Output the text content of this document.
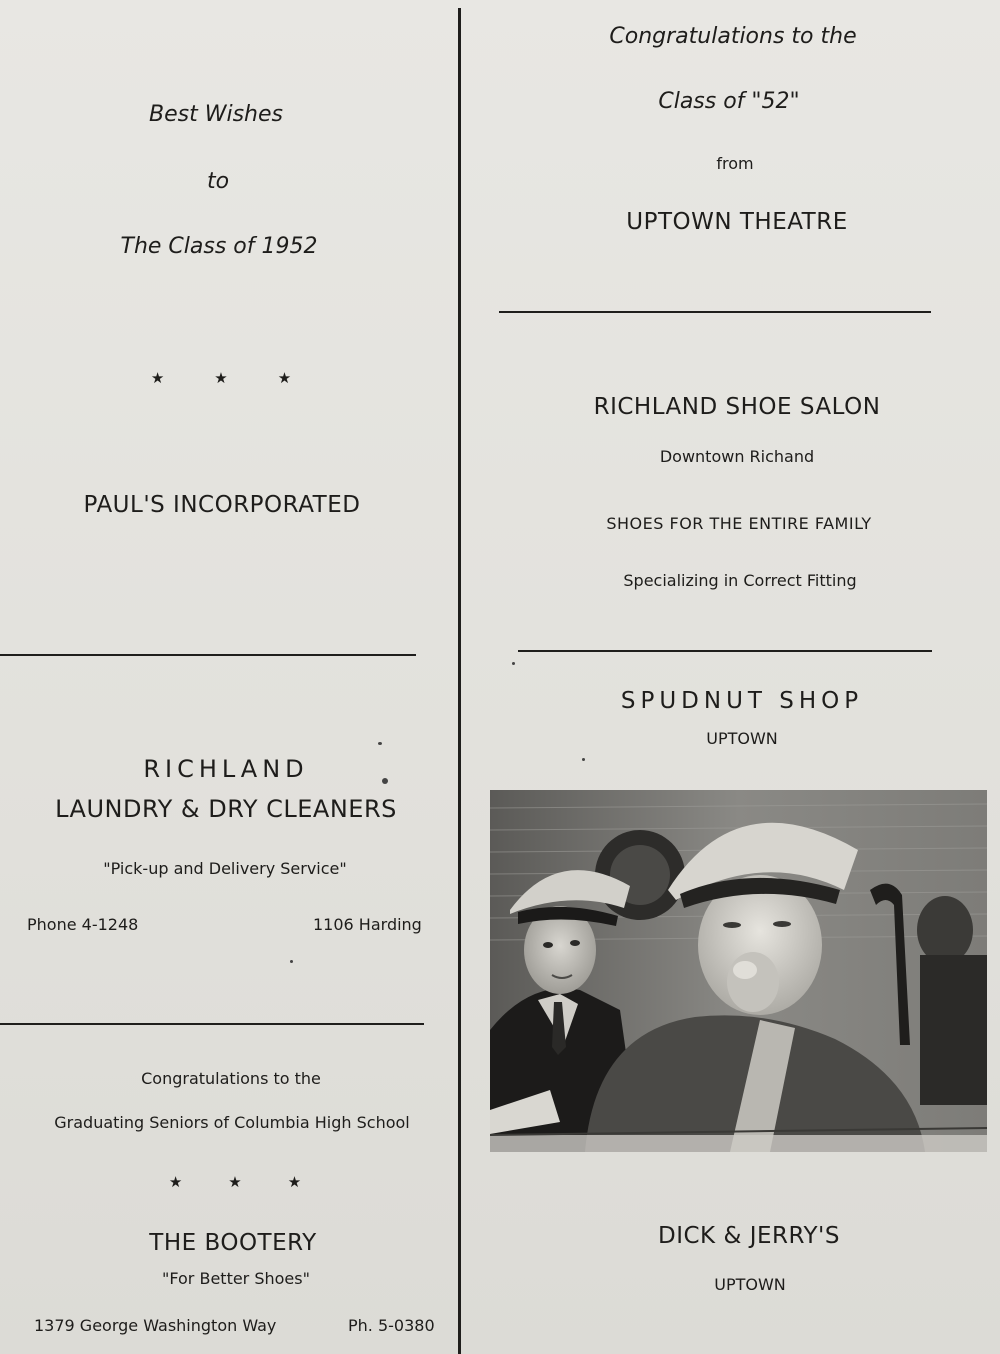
Best Wishes
to
The Class of 1952
★	★	★
PAUL'S INCORPORATED
RICHLAND
LAUNDRY & DRY CLEANERS
"Pick-up and Delivery Service"
Phone 4-1248	1106 Harding
Congratulations to the
Graduating Seniors of Columbia High School
★	★	★
THE BOOTERY
"For Better Shoes"
1379 George Washington Way	Ph. 5-0380
Congratulations to the
Class of "52"
from
UPTOWN THEATRE
RICHLAND SHOE SALON
Downtown Richand
SHOES FOR THE ENTIRE FAMILY
Specializing in Correct Fitting
SPUDNUT SHOP
UPTOWN
DICK & JERRY'S
UPTOWN
